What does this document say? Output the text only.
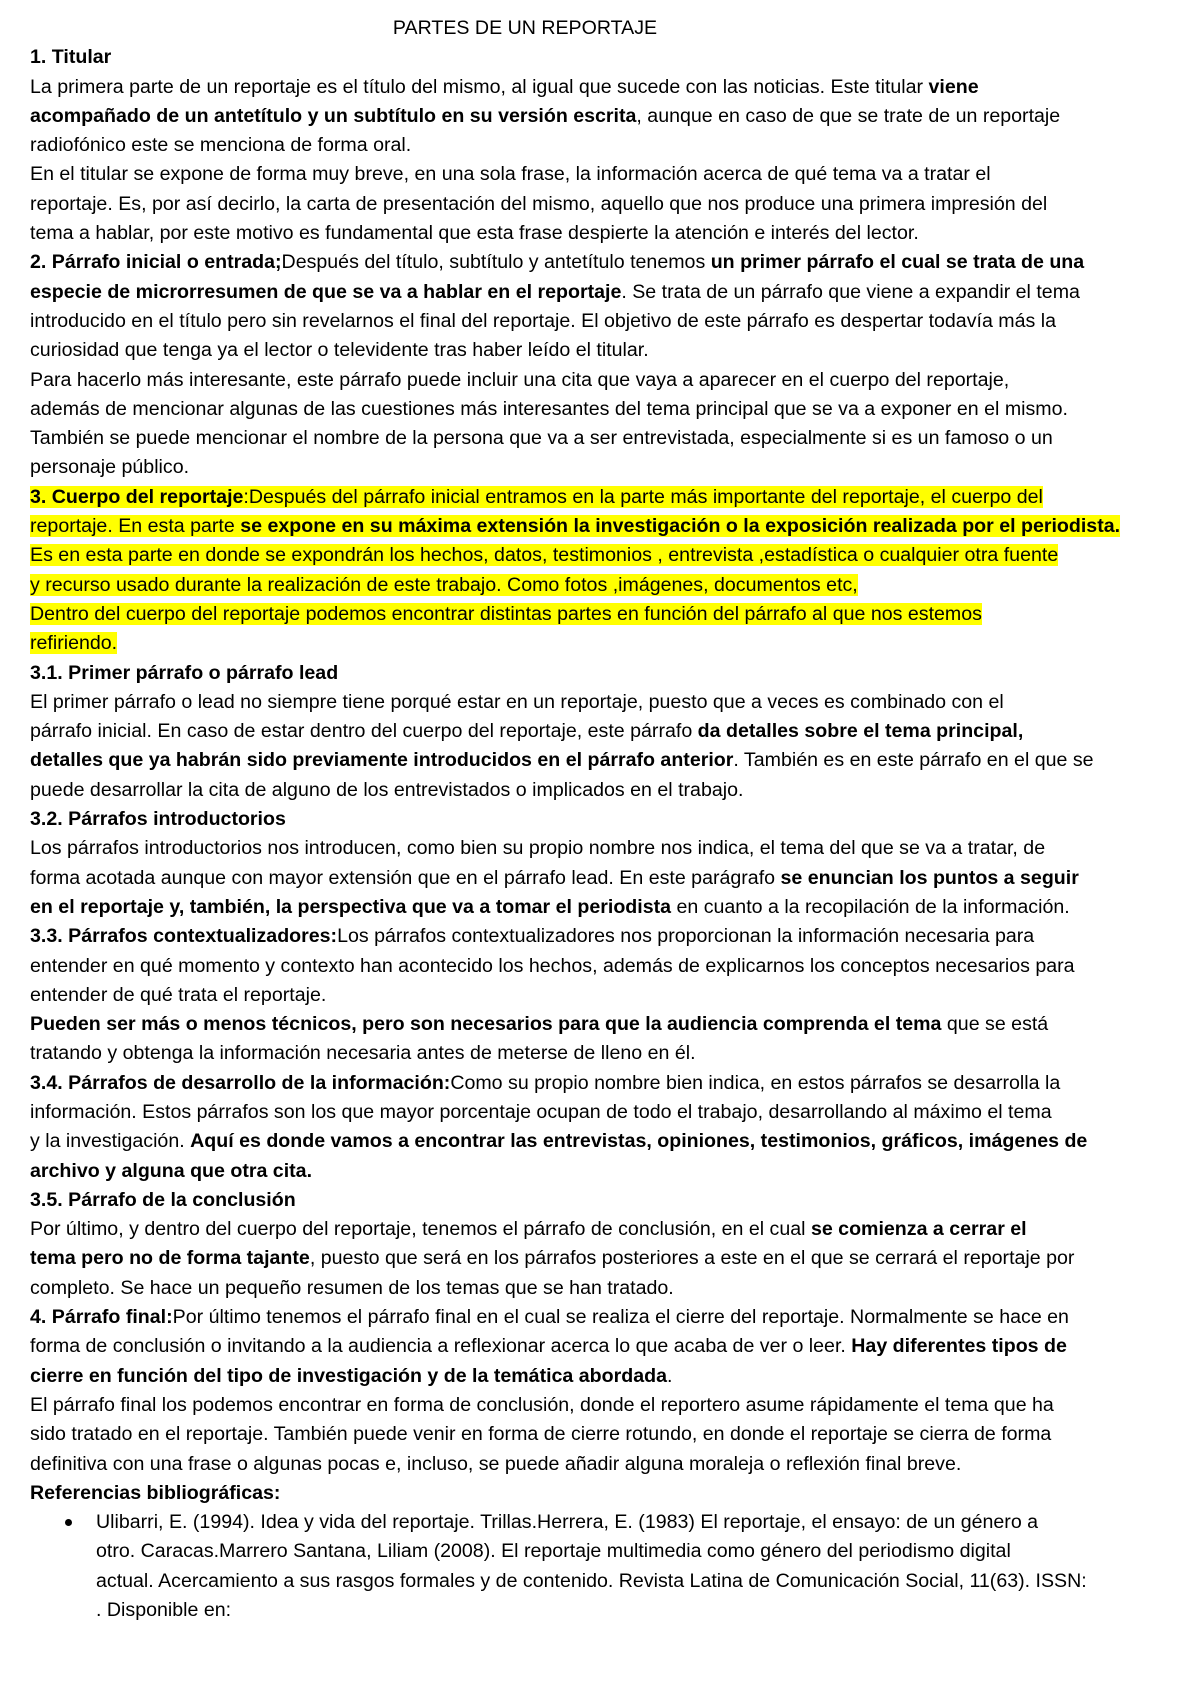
PARTES DE UN REPORTAJE
1. Titular
La primera parte de un reportaje es el título del mismo, al igual que sucede con las noticias. Este titular viene
acompañado de un antetítulo y un subtítulo en su versión escrita, aunque en caso de que se trate de un reportaje
radiofónico este se menciona de forma oral.
En el titular se expone de forma muy breve, en una sola frase, la información acerca de qué tema va a tratar el
reportaje. Es, por así decirlo, la carta de presentación del mismo, aquello que nos produce una primera impresión del
tema a hablar, por este motivo es fundamental que esta frase despierte la atención e interés del lector.
2. Párrafo inicial o entrada;Después del título, subtítulo y antetítulo tenemos un primer párrafo el cual se trata de una
especie de microrresumen de que se va a hablar en el reportaje. Se trata de un párrafo que viene a expandir el tema
introducido en el título pero sin revelarnos el final del reportaje. El objetivo de este párrafo es despertar todavía más la
curiosidad que tenga ya el lector o televidente tras haber leído el titular.
Para hacerlo más interesante, este párrafo puede incluir una cita que vaya a aparecer en el cuerpo del reportaje,
además de mencionar algunas de las cuestiones más interesantes del tema principal que se va a exponer en el mismo.
También se puede mencionar el nombre de la persona que va a ser entrevistada, especialmente si es un famoso o un
personaje público.
3. Cuerpo del reportaje:Después del párrafo inicial entramos en la parte más importante del reportaje, el cuerpo del
reportaje. En esta parte se expone en su máxima extensión la investigación o la exposición realizada por el periodista.
Es en esta parte en donde se expondrán los hechos, datos, testimonios , entrevista ,estadística o cualquier otra fuente
y recurso usado durante la realización de este trabajo. Como fotos ,imágenes, documentos etc,
Dentro del cuerpo del reportaje podemos encontrar distintas partes en función del párrafo al que nos estemos
refiriendo.
3.1. Primer párrafo o párrafo lead
El primer párrafo o lead no siempre tiene porqué estar en un reportaje, puesto que a veces es combinado con el
párrafo inicial. En caso de estar dentro del cuerpo del reportaje, este párrafo da detalles sobre el tema principal,
detalles que ya habrán sido previamente introducidos en el párrafo anterior. También es en este párrafo en el que se
puede desarrollar la cita de alguno de los entrevistados o implicados en el trabajo.
3.2. Párrafos introductorios
Los párrafos introductorios nos introducen, como bien su propio nombre nos indica, el tema del que se va a tratar, de
forma acotada aunque con mayor extensión que en el párrafo lead. En este parágrafo se enuncian los puntos a seguir
en el reportaje y, también, la perspectiva que va a tomar el periodista en cuanto a la recopilación de la información.
3.3. Párrafos contextualizadores:Los párrafos contextualizadores nos proporcionan la información necesaria para
entender en qué momento y contexto han acontecido los hechos, además de explicarnos los conceptos necesarios para
entender de qué trata el reportaje.
Pueden ser más o menos técnicos, pero son necesarios para que la audiencia comprenda el tema que se está
tratando y obtenga la información necesaria antes de meterse de lleno en él.
3.4. Párrafos de desarrollo de la información:Como su propio nombre bien indica, en estos párrafos se desarrolla la
información. Estos párrafos son los que mayor porcentaje ocupan de todo el trabajo, desarrollando al máximo el tema
y la investigación. Aquí es donde vamos a encontrar las entrevistas, opiniones, testimonios, gráficos, imágenes de
archivo y alguna que otra cita.
3.5. Párrafo de la conclusión
Por último, y dentro del cuerpo del reportaje, tenemos el párrafo de conclusión, en el cual se comienza a cerrar el
tema pero no de forma tajante, puesto que será en los párrafos posteriores a este en el que se cerrará el reportaje por
completo. Se hace un pequeño resumen de los temas que se han tratado.
4. Párrafo final:Por último tenemos el párrafo final en el cual se realiza el cierre del reportaje. Normalmente se hace en
forma de conclusión o invitando a la audiencia a reflexionar acerca lo que acaba de ver o leer. Hay diferentes tipos de
cierre en función del tipo de investigación y de la temática abordada.
El párrafo final los podemos encontrar en forma de conclusión, donde el reportero asume rápidamente el tema que ha
sido tratado en el reportaje. También puede venir en forma de cierre rotundo, en donde el reportaje se cierra de forma
definitiva con una frase o algunas pocas e, incluso, se puede añadir alguna moraleja o reflexión final breve.
Referencias bibliográficas:
Ulibarri, E. (1994). Idea y vida del reportaje. Trillas.Herrera, E. (1983) El reportaje, el ensayo: de un género a
otro. Caracas.Marrero Santana, Liliam (2008). El reportaje multimedia como género del periodismo digital
actual. Acercamiento a sus rasgos formales y de contenido. Revista Latina de Comunicación Social, 11(63). ISSN:
. Disponible en:
